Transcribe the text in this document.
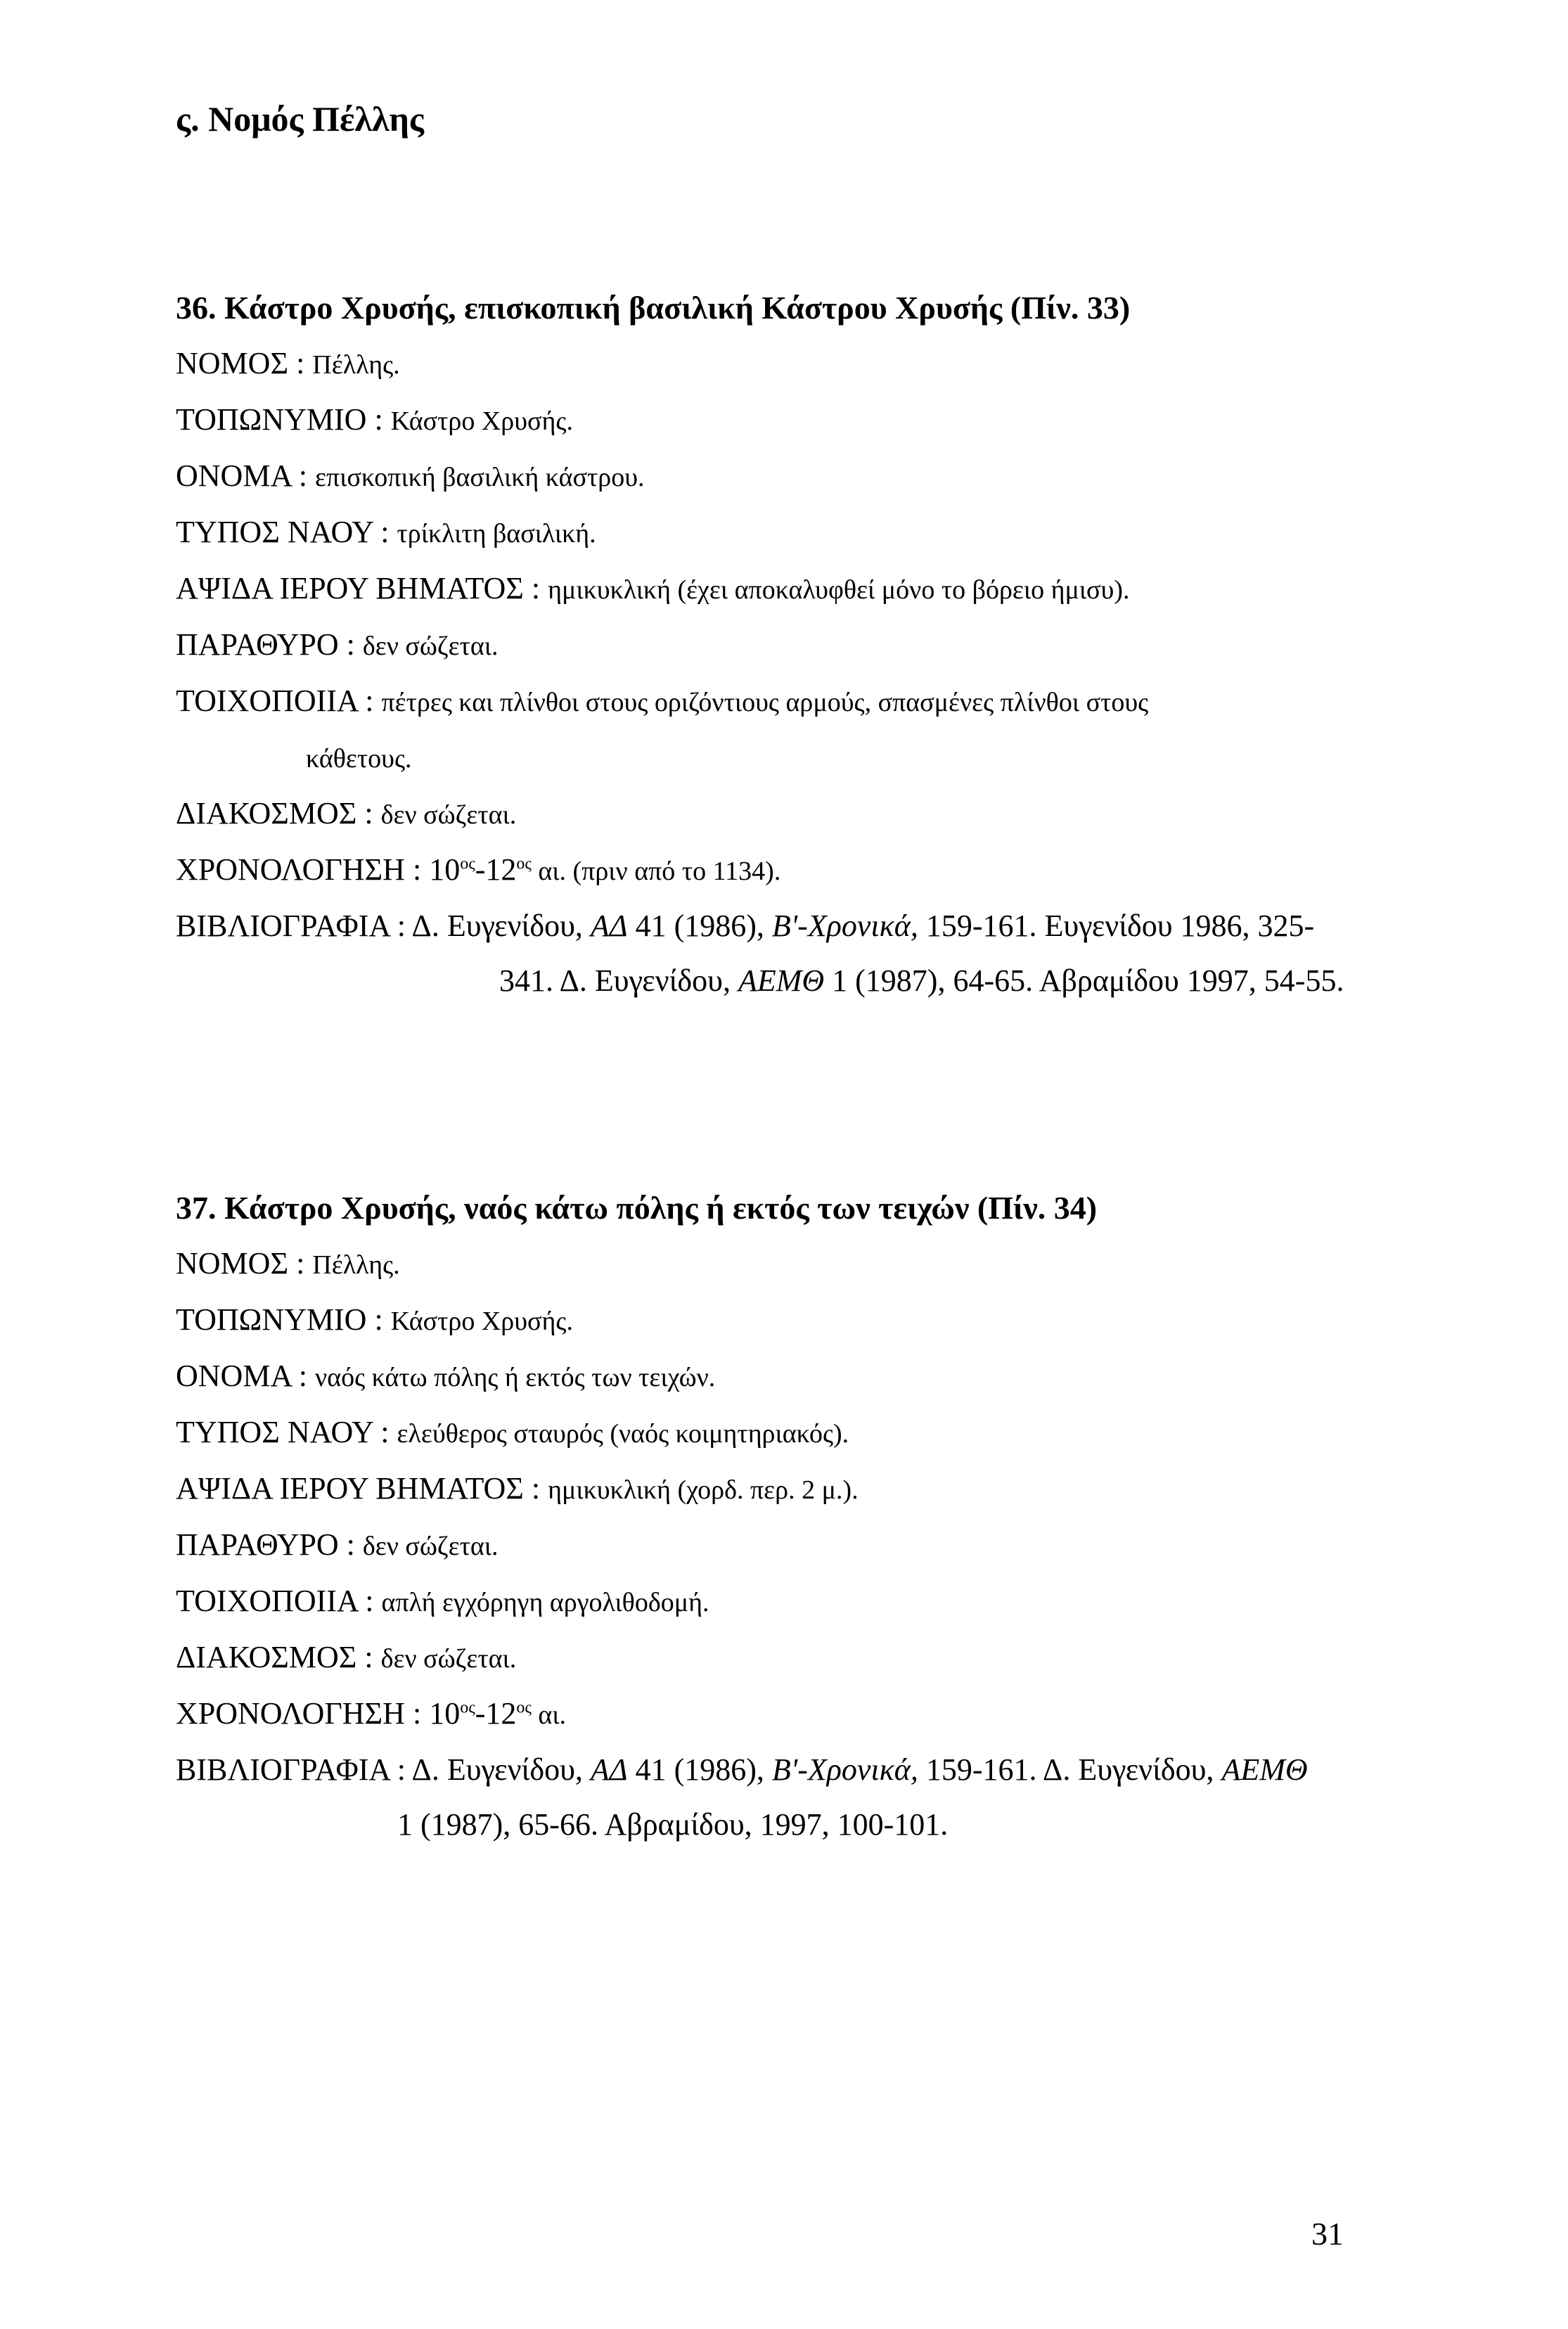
ς. Νομός Πέλλης

36. Κάστρο Χρυσής, επισκοπική βασιλική Κάστρου Χρυσής (Πίν. 33)

ΝΟΜΟΣ : Πέλλης.

ΤΟΠΩΝΥΜΙΟ : Κάστρο Χρυσής.

ΟΝΟΜΑ : επισκοπική βασιλική κάστρου.

ΤΥΠΟΣ ΝΑΟΥ : τρίκλιτη βασιλική.

ΑΨΙΔΑ ΙΕΡΟΥ ΒΗΜΑΤΟΣ : ημικυκλική (έχει αποκαλυφθεί μόνο το βόρειο ήμισυ).

ΠΑΡΑΘΥΡΟ : δεν σώζεται.

ΤΟΙΧΟΠΟΙΙΑ : πέτρες και πλίνθοι στους οριζόντιους αρμούς, σπασμένες πλίνθοι στους

κάθετους.

ΔΙΑΚΟΣΜΟΣ : δεν σώζεται.

ΧΡΟΝΟΛΟΓΗΣΗ : $10^{o\varsigma}-12^{o\varsigma}$ αι. (πριν από το 1134).

ΒΙΒΛΙΟΓΡΑΦΙΑ : Δ. Ευγενίδου, ΑΔ 41 (1986), Β'-Χρονικά, 159-161. Ευγενίδου 1986, 325-

341. Δ. Ευγενίδου, ΑΕΜΘ 1 (1987), 64-65. Αβραμίδου 1997, 54-55.

37. Κάστρο Χρυσής, ναός κάτω πόλης ή εκτός των τειχών (Πίν. 34)

ΝΟΜΟΣ : Πέλλης.

ΤΟΠΩΝΥΜΙΟ : Κάστρο Χρυσής.

ΟΝΟΜΑ : ναός κάτω πόλης ή εκτός των τειχών.

ΤΥΠΟΣ ΝΑΟΥ : ελεύθερος σταυρός (ναός κοιμητηριακός).

ΑΨΙΔΑ ΙΕΡΟΥ ΒΗΜΑΤΟΣ : ημικυκλική (χορδ. περ. 2 μ.).

ΠΑΡΑΘΥΡΟ : δεν σώζεται.

ΤΟΙΧΟΠΟΙΙΑ : απλή εγχόρηγη αργολιθοδομή.

ΔΙΑΚΟΣΜΟΣ : δεν σώζεται.

ΧΡΟΝΟΛΟΓΗΣΗ : $10^{o\varsigma}-12^{o\varsigma}$ αι.

ΒΙΒΛΙΟΓΡΑΦΙΑ : Δ. Ευγενίδου, ΑΔ 41 (1986), Β'-Χρονικά, 159-161. Δ. Ευγενίδου, ΑΕΜΘ

1 (1987), 65-66. Αβραμίδου, 1997, 100-101.

31
